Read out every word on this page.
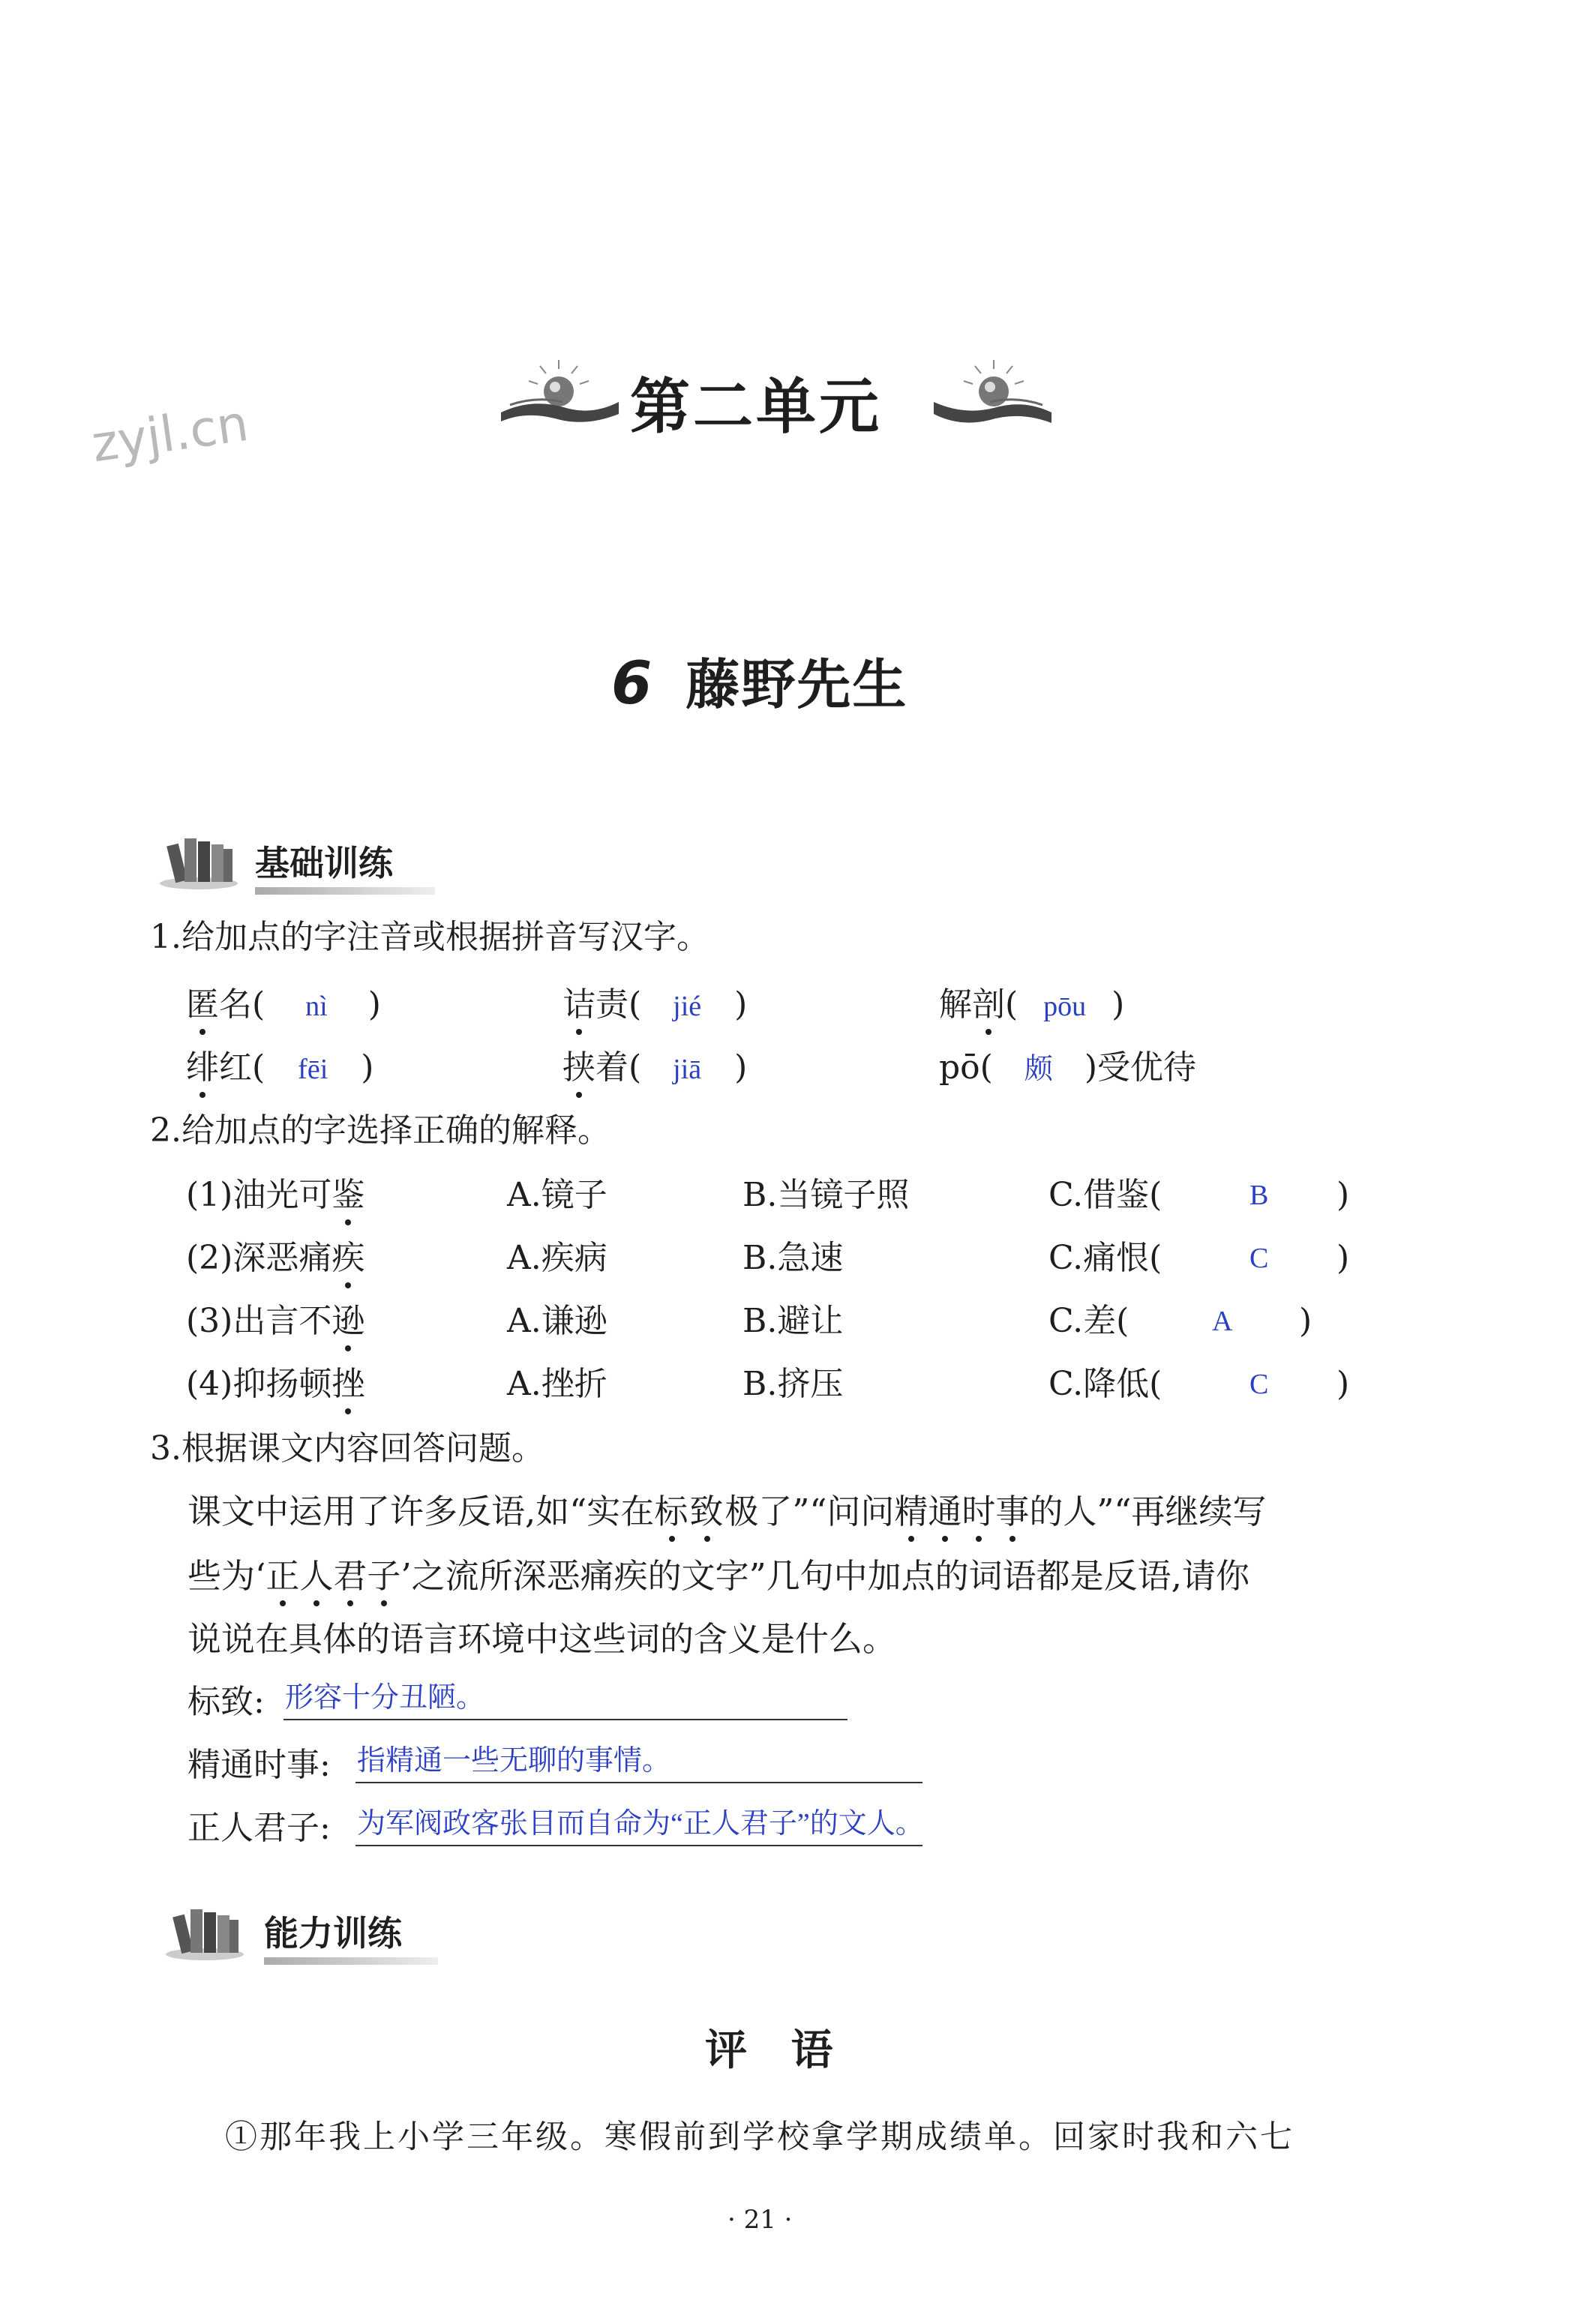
zyjl.cn	第二单元
6 藤野先生
基础训练
1.给加点的字注音或根据拼音写汉字。
匿名( nì )	诘责( jié )	解剖( pōu )
绯红( fēi )	挟着( jiā )	pō( 颇 )受优待
2.给加点的字选择正确的解释。
(1)油光可鉴	A.镜子	B.当镜子照	C.借鉴(	B )
(2)深恶痛疾	A.疾病	B.急速	C.痛恨(	C )
(3)出言不逊	A.谦逊	B.避让	C.差(	A )
(4)抑扬顿挫	A.挫折	B.挤压	C.降低(	C )
3.根据课文内容回答问题。
课文中运用了许多反语,如“实在标致极了”“问问精通时事的人”“再继续写
些为‘正人君子’之流所深恶痛疾的文字”几句中加点的词语都是反语,请你
说说在具体的语言环境中这些词的含义是什么。
标致: 形容十分丑陋。
精通时事: 指精通一些无聊的事情。
正人君子: 为军阀政客张目而自命为“正人君子”的文人。
能力训练
评   语
①那年我上小学三年级。寒假前到学校拿学期成绩单。回家时我和六七
· 21 ·
